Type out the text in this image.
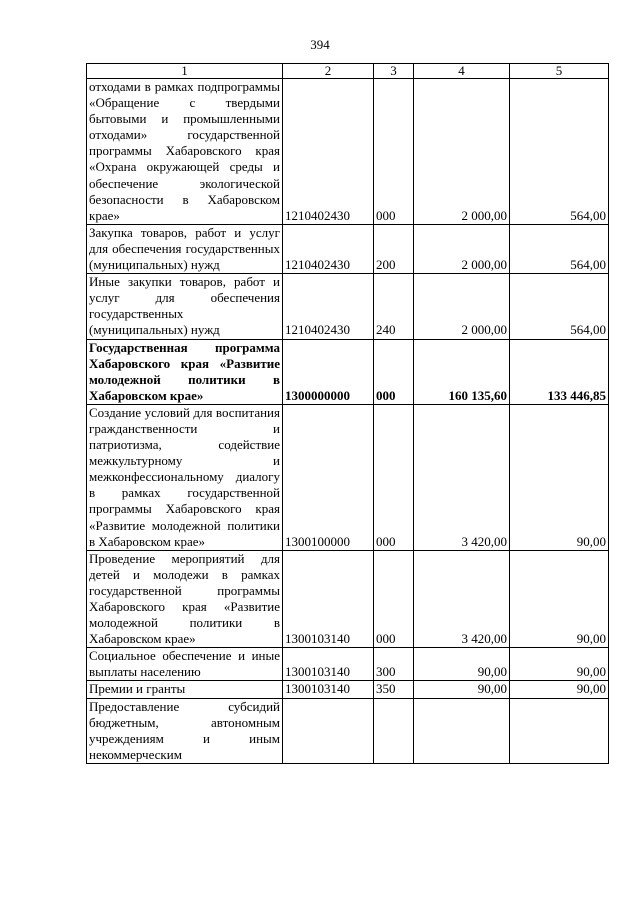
394
1	2	3	4	5
отходами в рамках подпрограммы «Обращение с твердыми бытовыми и промышленными отходами» государственной программы Хабаровского края «Охрана окружающей среды и обеспечение экологической безопасности в Хабаровском крае»	1210402430	000	2 000,00	564,00
Закупка товаров, работ и услуг для обеспечения государственных (муниципальных) нужд	1210402430	200	2 000,00	564,00
Иные закупки товаров, работ и услуг для обеспечения государственных (муниципальных) нужд	1210402430	240	2 000,00	564,00
Государственная программа Хабаровского края «Развитие молодежной политики в Хабаровском крае»	1300000000	000	160 135,60	133 446,85
Создание условий для воспитания гражданственности и патриотизма, содействие межкультурному и межконфессиональному диалогу в рамках государственной программы Хабаровского края «Развитие молодежной политики в Хабаровском крае»	1300100000	000	3 420,00	90,00
Проведение мероприятий для детей и молодежи в рамках государственной программы Хабаровского края «Развитие молодежной политики в Хабаровском крае»	1300103140	000	3 420,00	90,00
Социальное обеспечение и иные выплаты населению	1300103140	300	90,00	90,00
Премии и гранты	1300103140	350	90,00	90,00
Предоставление субсидий бюджетным, автономным учреждениям и иным некоммерческим				
